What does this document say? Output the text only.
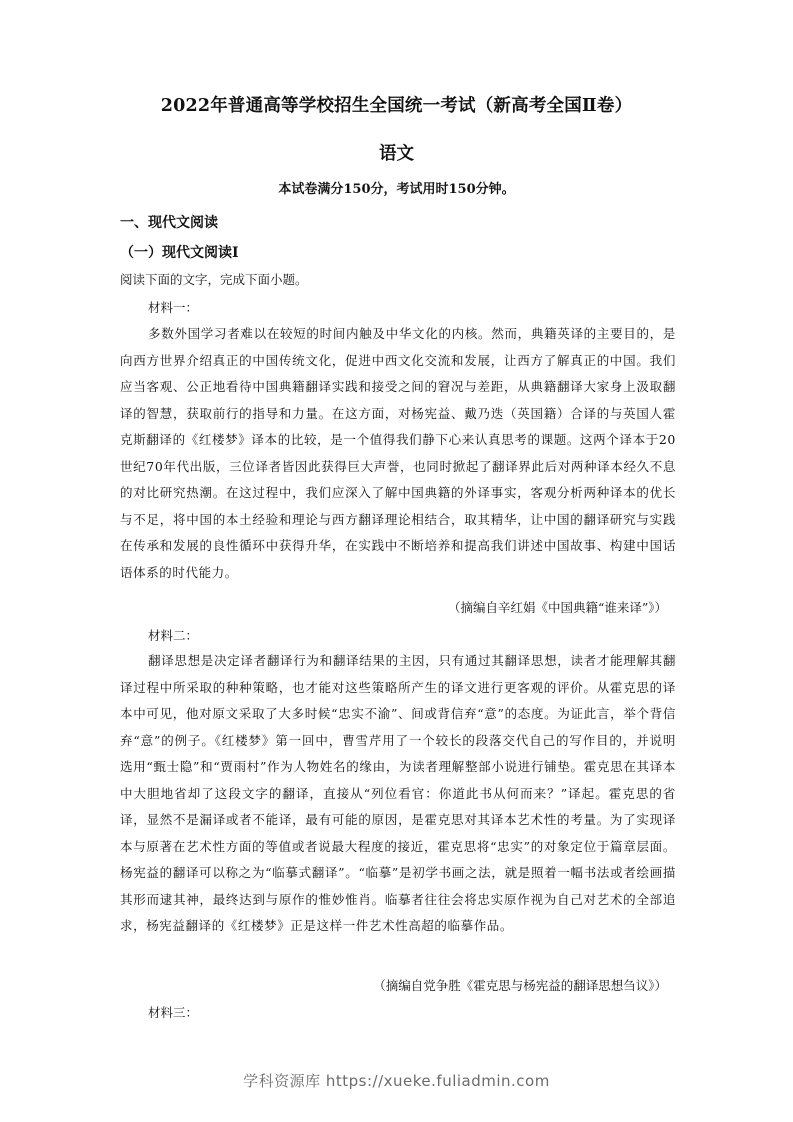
2022年普通高等学校招生全国统一考试（新高考全国Ⅱ卷）
语文
本试卷满分150分，考试用时150分钟。
一、现代文阅读
（一）现代文阅读Ⅰ
阅读下面的文字，完成下面小题。
材料一：
多数外国学习者难以在较短的时间内触及中华文化的内核。然而，典籍英译的主要目的，是向西方世界介绍真正的中国传统文化，促进中西文化交流和发展，让西方了解真正的中国。我们应当客观、公正地看待中国典籍翻译实践和接受之间的窘况与差距，从典籍翻译大家身上汲取翻译的智慧，获取前行的指导和力量。在这方面，对杨宪益、戴乃迭（英国籍）合译的与英国人霍克斯翻译的《红楼梦》译本的比较，是一个值得我们静下心来认真思考的课题。这两个译本于20世纪70年代出版，三位译者皆因此获得巨大声誉，也同时掀起了翻译界此后对两种译本经久不息的对比研究热潮。在这过程中，我们应深入了解中国典籍的外译事实，客观分析两种译本的优长与不足，将中国的本土经验和理论与西方翻译理论相结合，取其精华，让中国的翻译研究与实践在传承和发展的良性循环中获得升华，在实践中不断培养和提高我们讲述中国故事、构建中国话语体系的时代能力。
（摘编自辛红娟《中国典籍“谁来译”》）
材料二：
翻译思想是决定译者翻译行为和翻译结果的主因，只有通过其翻译思想，读者才能理解其翻译过程中所采取的种种策略，也才能对这些策略所产生的译文进行更客观的评价。从霍克思的译本中可见，他对原文采取了大多时候“忠实不渝”、间或背信弃“意”的态度。为证此言，举个背信弃“意”的例子。《红楼梦》第一回中，曹雪芹用了一个较长的段落交代自己的写作目的，并说明选用“甄士隐”和“贾雨村”作为人物姓名的缘由，为读者理解整部小说进行铺垫。霍克思在其译本中大胆地省却了这段文字的翻译，直接从“列位看官：你道此书从何而来？”译起。霍克思的省译，显然不是漏译或者不能译，最有可能的原因，是霍克思对其译本艺术性的考量。为了实现译本与原著在艺术性方面的等值或者说最大程度的接近，霍克思将“忠实”的对象定位于篇章层面。杨宪益的翻译可以称之为“临摹式翻译”。“临摹”是初学书画之法，就是照着一幅书法或者绘画描其形而逮其神，最终达到与原作的惟妙惟肖。临摹者往往会将忠实原作视为自己对艺术的全部追求，杨宪益翻译的《红楼梦》正是这样一件艺术性高超的临摹作品。
（摘编自党争胜《霍克思与杨宪益的翻译思想刍议》）
材料三：
学科资源库 https://xueke.fuliadmin.com
